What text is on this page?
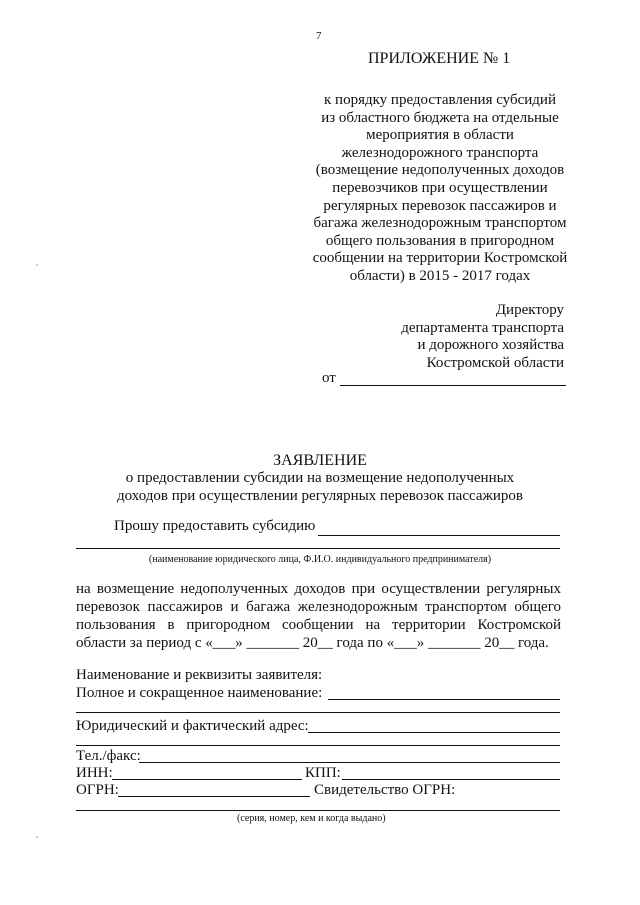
7
ПРИЛОЖЕНИЕ № 1
к порядку предоставления субсидий
из областного бюджета на отдельные
мероприятия в области
железнодорожного транспорта
(возмещение недополученных доходов
перевозчиков при осуществлении
регулярных перевозок пассажиров и
багажа железнодорожным транспортом
общего пользования в пригородном
сообщении на территории Костромской
области) в 2015 - 2017 годах
Директору
департамента транспорта
и дорожного хозяйства
Костромской области
от
ЗАЯВЛЕНИЕ
о предоставлении субсидии на возмещение недополученных
доходов при осуществлении регулярных перевозок пассажиров
Прошу предоставить субсидию
(наименование юридического лица, Ф.И.О. индивидуального предпринимателя)
на возмещение недополученных доходов при осуществлении регулярных перевозок пассажиров и багажа железнодорожным транспортом общего пользования в пригородном сообщении на территории Костромской области за период с «___» _______ 20__ года по «___» _______ 20__ года.
Наименование и реквизиты заявителя:
Полное и сокращенное наименование:
Юридический и фактический адрес:
Тел./факс:
ИНН:	КПП:
ОГРН:	Свидетельство ОГРН:
(серия, номер, кем и когда выдано)
